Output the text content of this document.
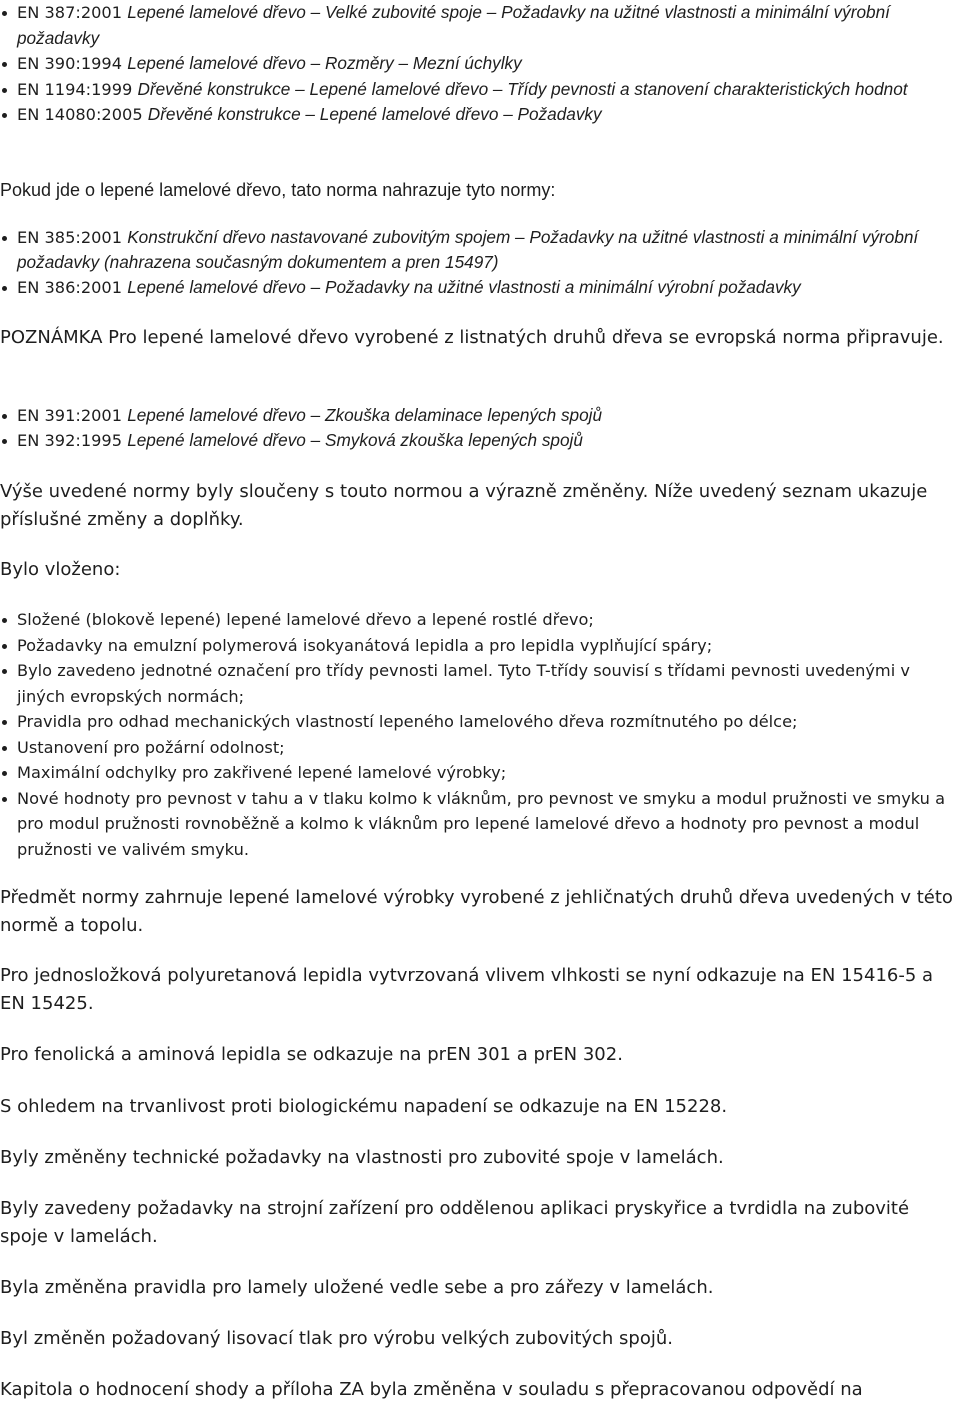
EN 387:2001 Lepené lamelové dřevo – Velké zubovité spoje – Požadavky na užitné vlastnosti a minimální výrobní požadavky
EN 390:1994 Lepené lamelové dřevo – Rozměry – Mezní úchylky
EN 1194:1999 Dřevěné konstrukce – Lepené lamelové dřevo – Třídy pevnosti a stanovení charakteristických hodnot
EN 14080:2005 Dřevěné konstrukce – Lepené lamelové dřevo – Požadavky

Pokud jde o lepené lamelové dřevo, tato norma nahrazuje tyto normy:

EN 385:2001 Konstrukční dřevo nastavované zubovitým spojem – Požadavky na užitné vlastnosti a minimální výrobní požadavky (nahrazena současným dokumentem a pren 15497)
EN 386:2001 Lepené lamelové dřevo – Požadavky na užitné vlastnosti a minimální výrobní požadavky

POZNÁMKA Pro lepené lamelové dřevo vyrobené z listnatých druhů dřeva se evropská norma připravuje.

EN 391:2001 Lepené lamelové dřevo – Zkouška delaminace lepených spojů
EN 392:1995 Lepené lamelové dřevo – Smyková zkouška lepených spojů

Výše uvedené normy byly sloučeny s touto normou a výrazně změněny. Níže uvedený seznam ukazuje příslušné změny a doplňky.

Bylo vloženo:

Složené (blokově lepené) lepené lamelové dřevo a lepené rostlé dřevo;
Požadavky na emulzní polymerová isokyanátová lepidla a pro lepidla vyplňující spáry;
Bylo zavedeno jednotné označení pro třídy pevnosti lamel. Tyto T-třídy souvisí s třídami pevnosti uvedenými v jiných evropských normách;
Pravidla pro odhad mechanických vlastností lepeného lamelového dřeva rozmítnutého po délce;
Ustanovení pro požární odolnost;
Maximální odchylky pro zakřivené lepené lamelové výrobky;
Nové hodnoty pro pevnost v tahu a v tlaku kolmo k vláknům, pro pevnost ve smyku a modul pružnosti ve smyku a pro modul pružnosti rovnoběžně a kolmo k vláknům pro lepené lamelové dřevo a hodnoty pro pevnost a modul pružnosti ve valivém smyku.

Předmět normy zahrnuje lepené lamelové výrobky vyrobené z jehličnatých druhů dřeva uvedených v této normě a topolu.

Pro jednosložková polyuretanová lepidla vytvrzovaná vlivem vlhkosti se nyní odkazuje na EN 15416-5 a EN 15425.

Pro fenolická a aminová lepidla se odkazuje na prEN 301 a prEN 302.

S ohledem na trvanlivost proti biologickému napadení se odkazuje na EN 15228.

Byly změněny technické požadavky na vlastnosti pro zubovité spoje v lamelách.

Byly zavedeny požadavky na strojní zařízení pro oddělenou aplikaci pryskyřice a tvrdidla na zubovité spoje v lamelách.

Byla změněna pravidla pro lamely uložené vedle sebe a pro zářezy v lamelách.

Byl změněn požadovaný lisovací tlak pro výrobu velkých zubovitých spojů.

Kapitola o hodnocení shody a příloha ZA byla změněna v souladu s přepracovanou odpovědí na
